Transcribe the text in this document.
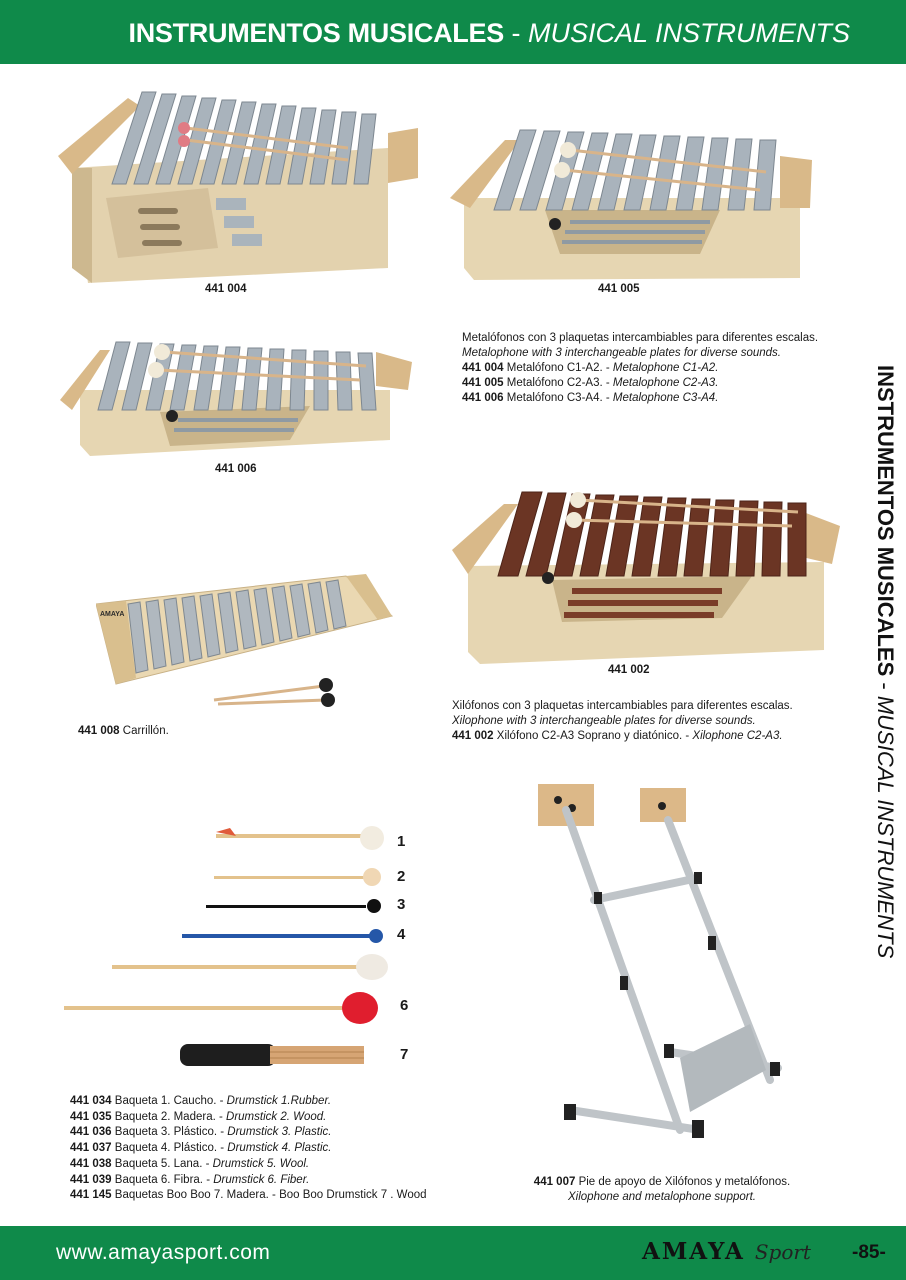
INSTRUMENTOS MUSICALES - MUSICAL INSTRUMENTS
INSTRUMENTOS MUSICALES - MUSICAL INSTRUMENTS
441 004	441 005
441 006
Metalófonos con 3 plaquetas intercambiables para diferentes escalas.
Metalophone with 3 interchangeable plates for diverse sounds.
441 004 Metalófono C1-A2. - Metalophone C1-A2.
441 005 Metalófono C2-A3. - Metalophone C2-A3.
441 006 Metalófono C3-A4. - Metalophone C3-A4.
441 002
Xilófonos con 3 plaquetas intercambiables para diferentes escalas.
Xilophone with 3 interchangeable plates for diverse sounds.
441 002 Xilófono C2-A3 Soprano y diatónico. - Xilophone C2-A3.
AMAYA
441 008 Carrillón.
1
2
3
4
6
7
441 034 Baqueta 1. Caucho. - Drumstick 1.Rubber.
441 035 Baqueta 2. Madera. - Drumstick 2. Wood.
441 036 Baqueta 3. Plástico. - Drumstick 3. Plastic.
441 037 Baqueta 4. Plástico. - Drumstick 4. Plastic.
441 038 Baqueta 5. Lana. - Drumstick 5. Wool.
441 039 Baqueta 6. Fibra. - Drumstick 6. Fiber.
441 145 Baquetas Boo Boo 7. Madera. - Boo Boo Drumstick 7 . Wood
441 007 Pie de apoyo de Xilófonos y metalófonos.
Xilophone and metalophone support.
www.amayasport.com	AMAYA Sport -85-
